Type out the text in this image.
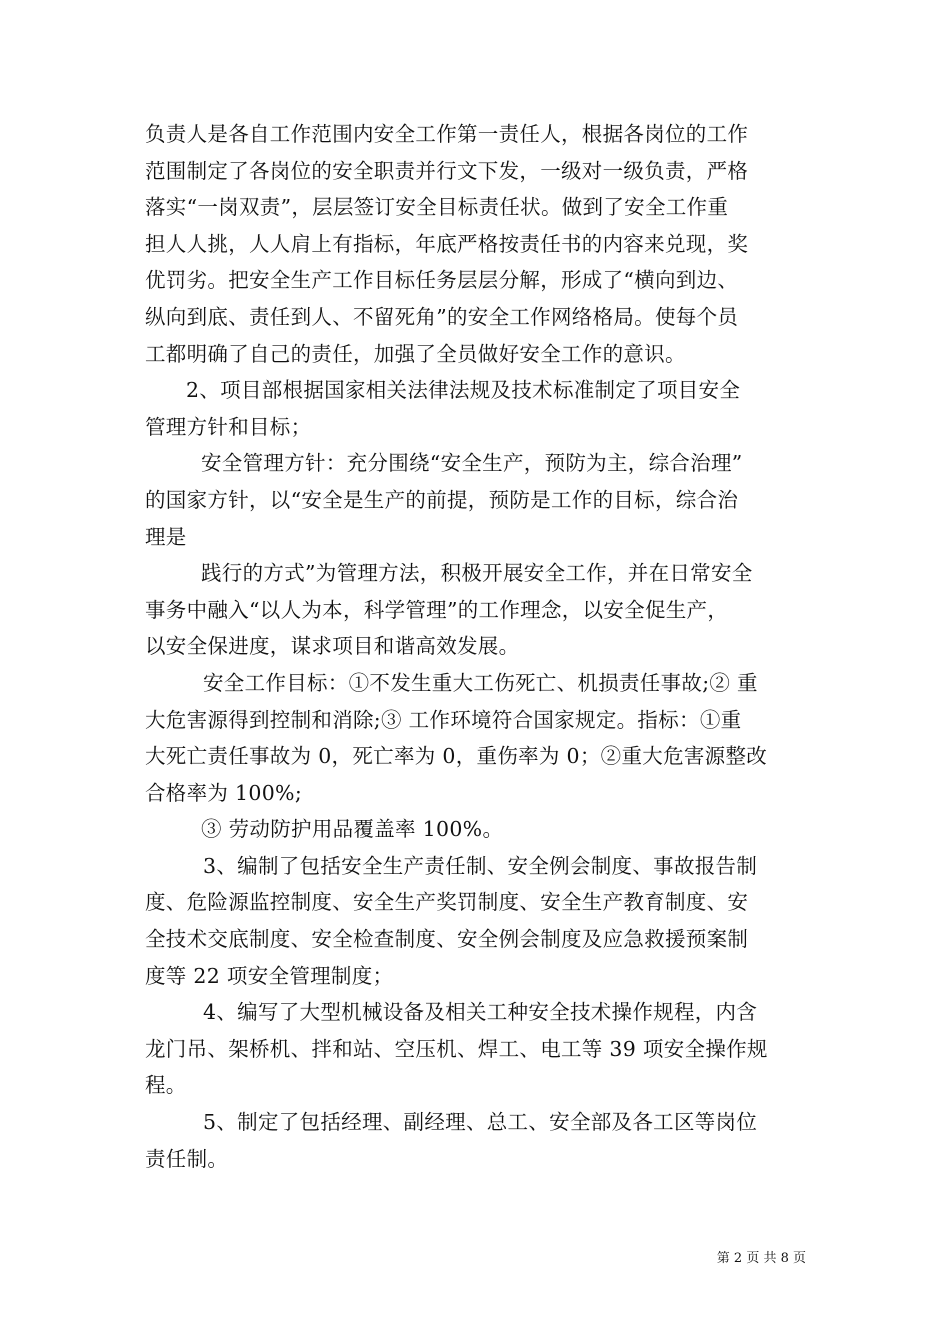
负责人是各自工作范围内安全工作第一责任人，根据各岗位的工作
范围制定了各岗位的安全职责并行文下发，一级对一级负责，严格
落实“一岗双责”，层层签订安全目标责任状。做到了安全工作重
担人人挑，人人肩上有指标，年底严格按责任书的内容来兑现，奖
优罚劣。把安全生产工作目标任务层层分解，形成了“横向到边、
纵向到底、责任到人、不留死角”的安全工作网络格局。使每个员
工都明确了自己的责任，加强了全员做好安全工作的意识。
2、项目部根据国家相关法律法规及技术标准制定了项目安全
管理方针和目标；
安全管理方针：充分围绕“安全生产，预防为主，综合治理”
的国家方针，以“安全是生产的前提，预防是工作的目标，综合治
理是
践行的方式”为管理方法，积极开展安全工作，并在日常安全
事务中融入“以人为本，科学管理”的工作理念，以安全促生产，
以安全保进度，谋求项目和谐高效发展。
安全工作目标：①不发生重大工伤死亡、机损责任事故;② 重
大危害源得到控制和消除;③ 工作环境符合国家规定。指标：①重
大死亡责任事故为 0，死亡率为 0，重伤率为 0；②重大危害源整改
合格率为 100%;
③ 劳动防护用品覆盖率 100%。
3、编制了包括安全生产责任制、安全例会制度、事故报告制
度、危险源监控制度、安全生产奖罚制度、安全生产教育制度、安
全技术交底制度、安全检查制度、安全例会制度及应急救援预案制
度等 22 项安全管理制度；
4、编写了大型机械设备及相关工种安全技术操作规程，内含
龙门吊、架桥机、拌和站、空压机、焊工、电工等 39 项安全操作规
程。
5、制定了包括经理、副经理、总工、安全部及各工区等岗位
责任制。

第 2 页 共 8 页
